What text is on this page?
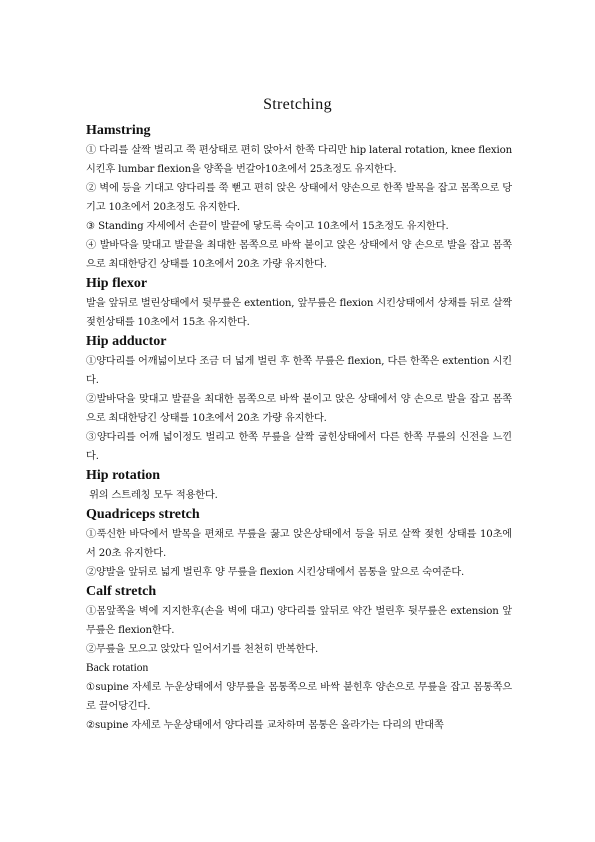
Stretching
Hamstring

① 다리를 살짝 벌리고 쭉 편상태로 편히 앉아서 한쪽 다리만 hip lateral rotation, knee flexion 시킨후 lumbar flexion을 양쪽을 번갈아10초에서 25초정도 유지한다.

② 벽에 등을 기대고 양다리를 쭉 뻗고 편히 앉은 상태에서 양손으로 한쪽 발목을 잡고 몸쪽으로 당기고 10초에서 20초정도 유지한다.

③ Standing 자세에서 손끝이 발끝에 닿도록 숙이고 10초에서 15초정도 유지한다.

④ 발바닥을 맞대고 발끝을 최대한 몸쪽으로 바싹 붙이고 앉은 상태에서 양 손으로 발을 잡고 몸쪽으로 최대한당긴 상태를 10초에서 20초 가량 유지한다.

Hip flexor

발을 앞뒤로 벌린상태에서 뒷무릎은 extention, 앞무릎은 flexion 시킨상태에서 상채를 뒤로 살짝 젖힌상태를 10초에서 15초 유지한다.

Hip adductor

①양다리를 어깨넓이보다 조금 더 넓게 벌린 후 한쪽 무릎은 flexion, 다른 한쪽은 extention 시킨다.

②발바닥을 맞대고 발끝을 최대한 몸쪽으로 바싹 붙이고 앉은 상태에서 양 손으로 발을 잡고 몸쪽으로 최대한당긴 상태를 10초에서 20초 가량 유지한다.

③양다리를 어깨 넓이정도 벌리고 한쪽 무릎을 살짝 굽힌상태에서 다른 한쪽 무릎의 신전을 느낀다.

Hip rotation

위의 스트레칭 모두 적용한다.

Quadriceps stretch

①푹신한 바닥에서 발목을 편채로 무릎을 꿇고 앉은상태에서 등을 뒤로 살짝 젖힌 상태를 10초에서 20초 유지한다.

②양발을 앞뒤로 넓게 벌린후 양 무릎을 flexion 시킨상태에서 몸통을 앞으로 숙여준다.

Calf stretch

①몸앞쪽을 벽에 지지한후(손을 벽에 대고) 양다리를 앞뒤로 약간 벌린후 뒷무릎은 extension 앞무릎은 flexion한다.

②무릎을 모으고 앉았다 일어서기를 천천히 반복한다.

Back rotation

①supine 자세로 누운상태에서 양무릎을 몸통쪽으로 바싹 붙힌후 양손으로 무릎을 잡고 몸통쪽으로 끌어당긴다.

②supine 자세로 누운상태에서 양다리를 교차하며 몸통은 올라가는 다리의 반대쪽
